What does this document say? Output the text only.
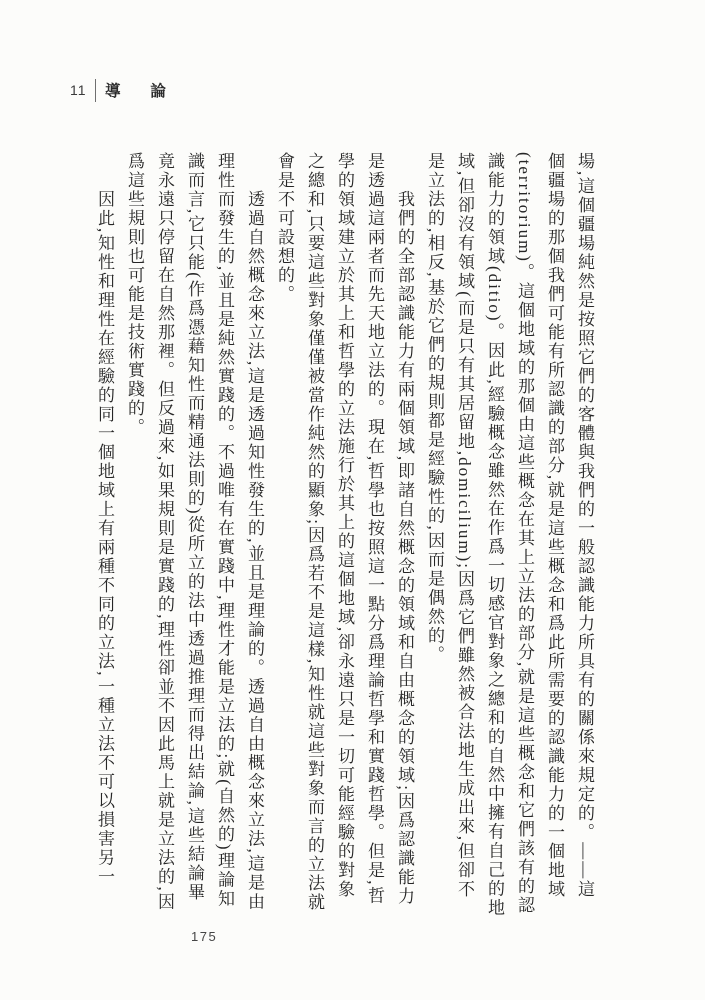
11 導 論

場,這個疆場純然是按照它們的客體與我們的一般認識能力所具有的關係來規定的。——這個疆場的那個我們可能有所認識的部分,就是這些概念和爲此所需要的認識能力的一個地域(territorium)。這個地域的那個由這些概念在其上立法的部分,就是這些概念和它們該有的認識能力的領域(ditio)。因此,經驗概念雖然在作爲一切感官對象之總和的自然中擁有自己的地域,但卻沒有領域(而是只有其居留地,domicilium);因爲它們雖然被合法地生成出來,但卻不是立法的,相反,基於它們的規則都是經驗性的,因而是偶然的。

我們的全部認識能力有兩個領域,即諸自然概念的領域和自由概念的領域;因爲認識能力是透過這兩者而先天地立法的。現在,哲學也按照這一點分爲理論哲學和實踐哲學。但是,哲學的領域建立於其上和哲學的立法施行於其上的這個地域,卻永遠只是一切可能經驗的對象之總和,只要這些對象僅僅被當作純然的顯象;因爲若不是這樣,知性就這些對象而言的立法就會是不可設想的。

透過自然概念來立法,這是透過知性發生的,並且是理論的。透過自由概念來立法,這是由理性而發生的,並且是純然實踐的。不過唯有在實踐中,理性才能是立法的;就(自然的)理論知識而言,它只能(作爲憑藉知性而精通法則的)從所立的法中透過推理而得出結論,這些結論畢竟永遠只停留在自然那裡。但反過來,如果規則是實踐的,理性卻並不因此馬上就是立法的,因爲這些規則也可能是技術實踐的。

因此,知性和理性在經驗的同一個地域上有兩種不同的立法,一種立法不可以損害另一

175
